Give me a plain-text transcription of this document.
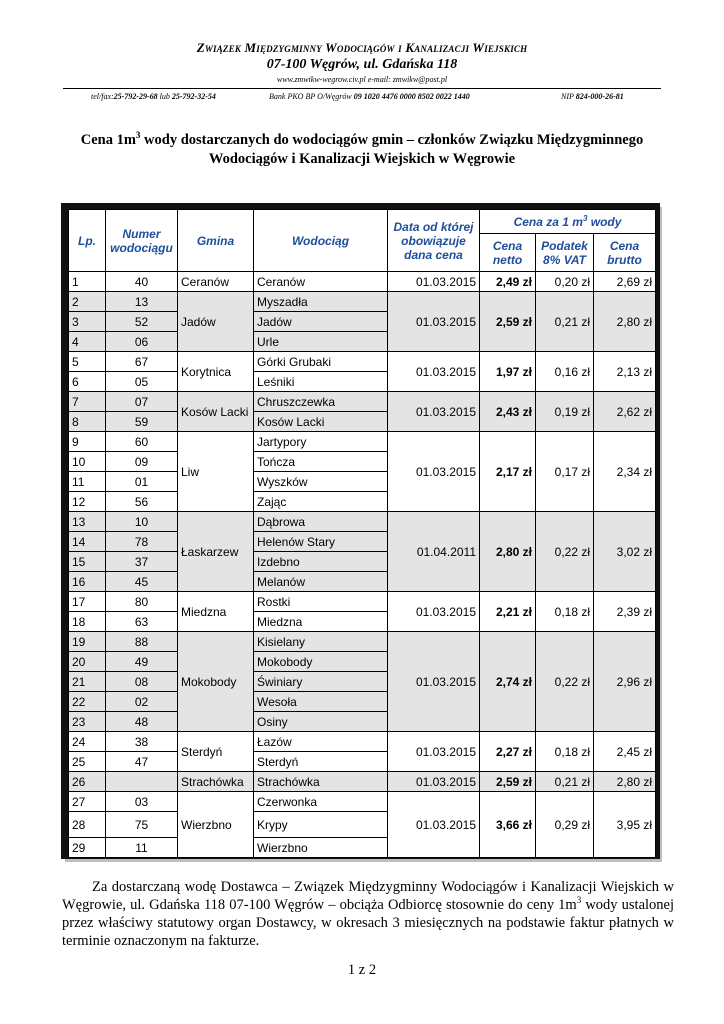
Związek Międzygminny Wodociągów i Kanalizacji Wiejskich
07-100 Węgrów, ul. Gdańska 118
www.zmwikw-wegrow.civ.pl e-mail: zmwikw@post.pl
tel/fax:25-792-29-68 lub 25-792-32-54	Bank PKO BP O/Węgrów 09 1020 4476 0000 8502 0022 1440	NIP 824-000-26-81
Cena $1m^3$ wody dostarczanych do wodociągów gmin – członków Związku Międzygminnego
Wodociągów i Kanalizacji Wiejskich w Węgrowie
Lp.	Numer wodociągu	Gmina	Wodociąg	Data od której obowiązuje dana cena	Cena za 1 $m^3$ wody		
					Cena netto	Podatek 8% VAT	Cena brutto
1	40	Ceranów	Ceranów	01.03.2015	2,49 zł	0,20 zł	2,69 zł
2	13	Jadów	Myszadła	01.03.2015	2,59 zł	0,21 zł	2,80 zł
3	52		Jadów				
4	06		Urle				
5	67	Korytnica	Górki Grubaki	01.03.2015	1,97 zł	0,16 zł	2,13 zł
6	05		Leśniki				
7	07	Kosów Lacki	Chruszczewka	01.03.2015	2,43 zł	0,19 zł	2,62 zł
8	59		Kosów Lacki				
9	60	Liw	Jartypory	01.03.2015	2,17 zł	0,17 zł	2,34 zł
10	09		Tończa				
11	01		Wyszków				
12	56		Zając				
13	10	Łaskarzew	Dąbrowa	01.04.2011	2,80 zł	0,22 zł	3,02 zł
14	78		Helenów Stary				
15	37		Izdebno				
16	45		Melanów				
17	80	Miedzna	Rostki	01.03.2015	2,21 zł	0,18 zł	2,39 zł
18	63		Miedzna				
19	88	Mokobody	Kisielany	01.03.2015	2,74 zł	0,22 zł	2,96 zł
20	49		Mokobody				
21	08		Świniary				
22	02		Wesoła				
23	48		Osiny				
24	38	Sterdyń	Łazów	01.03.2015	2,27 zł	0,18 zł	2,45 zł
25	47		Sterdyń				
26		Strachówka	Strachówka	01.03.2015	2,59 zł	0,21 zł	2,80 zł
27	03	Wierzbno	Czerwonka	01.03.2015	3,66 zł	0,29 zł	3,95 zł
28	75		Krypy				
29	11		Wierzbno				
Za dostarczaną wodę Dostawca – Związek Międzygminny Wodociągów i Kanalizacji Wiejskich w Węgrowie, ul. Gdańska 118 07-100 Węgrów – obciąża Odbiorcę stosownie do ceny $1m^3$ wody ustalonej przez właściwy statutowy organ Dostawcy, w okresach 3 miesięcznych na podstawie faktur płatnych w terminie oznaczonym na fakturze.
1 z 2
